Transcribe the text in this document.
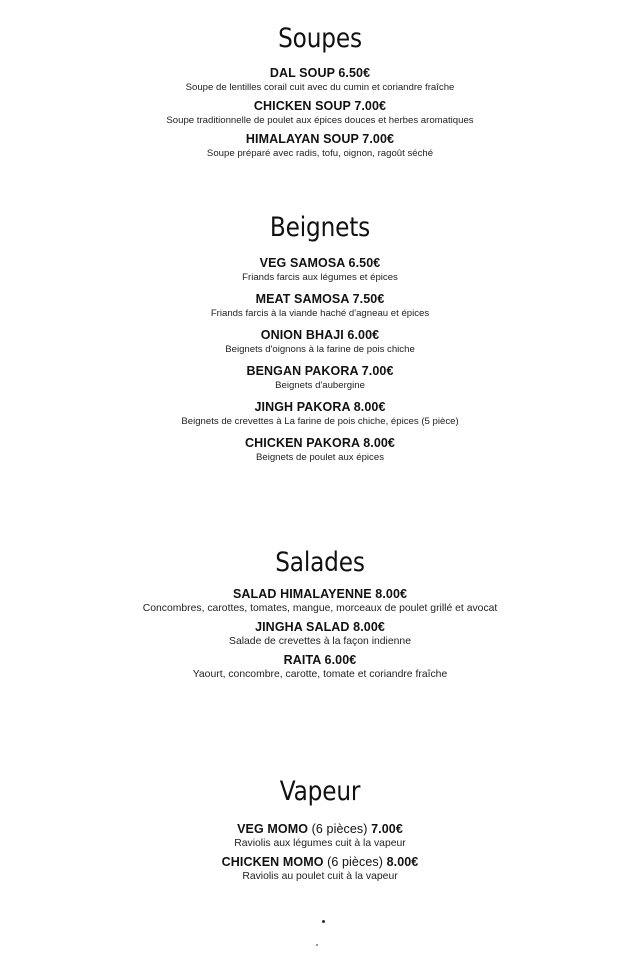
Soupes
DAL SOUP 6.50€
Soupe de lentilles corail cuit avec du cumin et coriandre fraîche
CHICKEN SOUP 7.00€
Soupe traditionnelle de poulet aux épices douces et herbes aromatiques
HIMALAYAN SOUP 7.00€
Soupe préparé avec radis, tofu, oignon, ragoût séché
Beignets
VEG SAMOSA 6.50€
Friands farcis aux légumes et épices
MEAT SAMOSA 7.50€
Friands farcis à la viande haché d'agneau et épices
ONION BHAJI 6.00€
Beignets d'oignons à la farine de pois chiche
BENGAN PAKORA 7.00€
Beignets d'aubergine
JINGH PAKORA 8.00€
Beignets de crevettes à La farine de pois chiche, épices (5 pièce)
CHICKEN PAKORA 8.00€
Beignets de poulet aux épices
Salades
SALAD HIMALAYENNE 8.00€
Concombres, carottes, tomates, mangue, morceaux de poulet grillé et avocat
JINGHA SALAD 8.00€
Salade de crevettes à la façon indienne
RAITA 6.00€
Yaourt, concombre, carotte, tomate et coriandre fraîche
Vapeur
VEG MOMO (6 pièces) 7.00€
Raviolis aux légumes cuit à la vapeur
CHICKEN MOMO (6 pièces) 8.00€
Raviolis au poulet cuit à la vapeur
